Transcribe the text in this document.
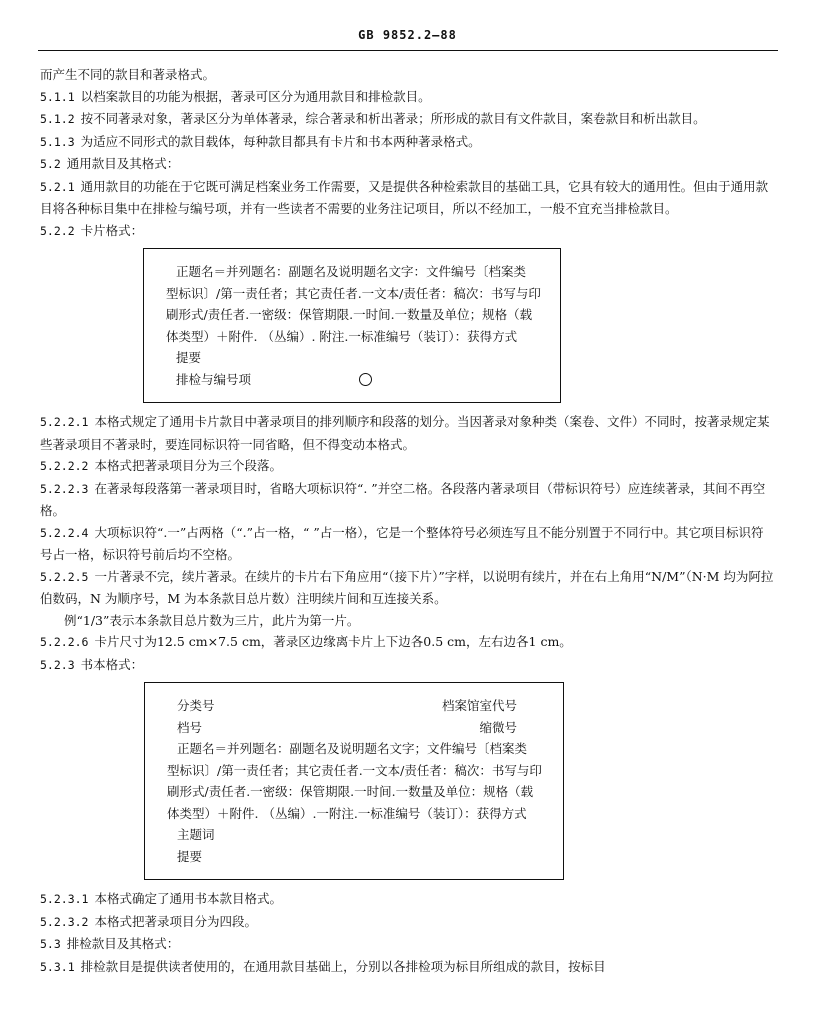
GB 9852.2—88

而产生不同的款目和著录格式。

5.1.1 以档案款目的功能为根据，著录可区分为通用款目和排检款目。

5.1.2 按不同著录对象，著录区分为单体著录，综合著录和析出著录；所形成的款目有文件款目，案卷款目和析出款目。

5.1.3 为适应不同形式的款目载体，每种款目都具有卡片和书本两种著录格式。

5.2 通用款目及其格式：

5.2.1 通用款目的功能在于它既可满足档案业务工作需要，又是提供各种检索款目的基础工具，它具有较大的通用性。但由于通用款目将各种标目集中在排检与编号项，并有一些读者不需要的业务注记项目，所以不经加工，一般不宜充当排检款目。

5.2.2 卡片格式：

正题名＝并列题名：副题名及说明题名文字：文件编号〔档案类
型标识〕/第一责任者；其它责任者.一文本/责任者：稿次：书写与印
刷形式/责任者.一密级：保管期限.一时间.一数量及单位；规格（载
体类型）＋附件. （丛编）. 附注.一标准编号（装订）：获得方式
提要
排检与编号项

5.2.2.1 本格式规定了通用卡片款目中著录项目的排列顺序和段落的划分。当因著录对象种类（案卷、文件）不同时，按著录规定某些著录项目不著录时，要连同标识符一同省略，但不得变动本格式。

5.2.2.2 本格式把著录项目分为三个段落。

5.2.2.3 在著录每段落第一著录项目时，省略大项标识符“. ”并空二格。各段落内著录项目（带标识符号）应连续著录，其间不再空格。

5.2.2.4 大项标识符“.一”占两格（“.”占一格，“ ”占一格），它是一个整体符号必须连写且不能分别置于不同行中。其它项目标识符号占一格，标识符号前后均不空格。

5.2.2.5 一片著录不完，续片著录。在续片的卡片右下角应用“（接下片）”字样，以说明有续片，并在右上角用“N/M”（N·M 均为阿拉伯数码，N 为顺序号，M 为本条款目总片数）注明续片间和互连接关系。

例“1/3”表示本条款目总片数为三片，此片为第一片。

5.2.2.6 卡片尺寸为12.5 cm×7.5 cm，著录区边缘离卡片上下边各0.5 cm，左右边各1 cm。

5.2.3 书本格式：

分类号	档案馆室代号
档号	缩微号
正题名＝并列题名：副题名及说明题名文字；文件编号〔档案类
型标识〕/第一责任者；其它责任者.一文本/责任者：稿次：书写与印
刷形式/责任者.一密级：保管期限.一时间.一数量及单位：规格（载
体类型）＋附件. （丛编）.一附注.一标准编号（装订）：获得方式
主题词
提要

5.2.3.1 本格式确定了通用书本款目格式。

5.2.3.2 本格式把著录项目分为四段。

5.3 排检款目及其格式：

5.3.1 排检款目是提供读者使用的，在通用款目基础上，分别以各排检项为标目所组成的款目，按标目
